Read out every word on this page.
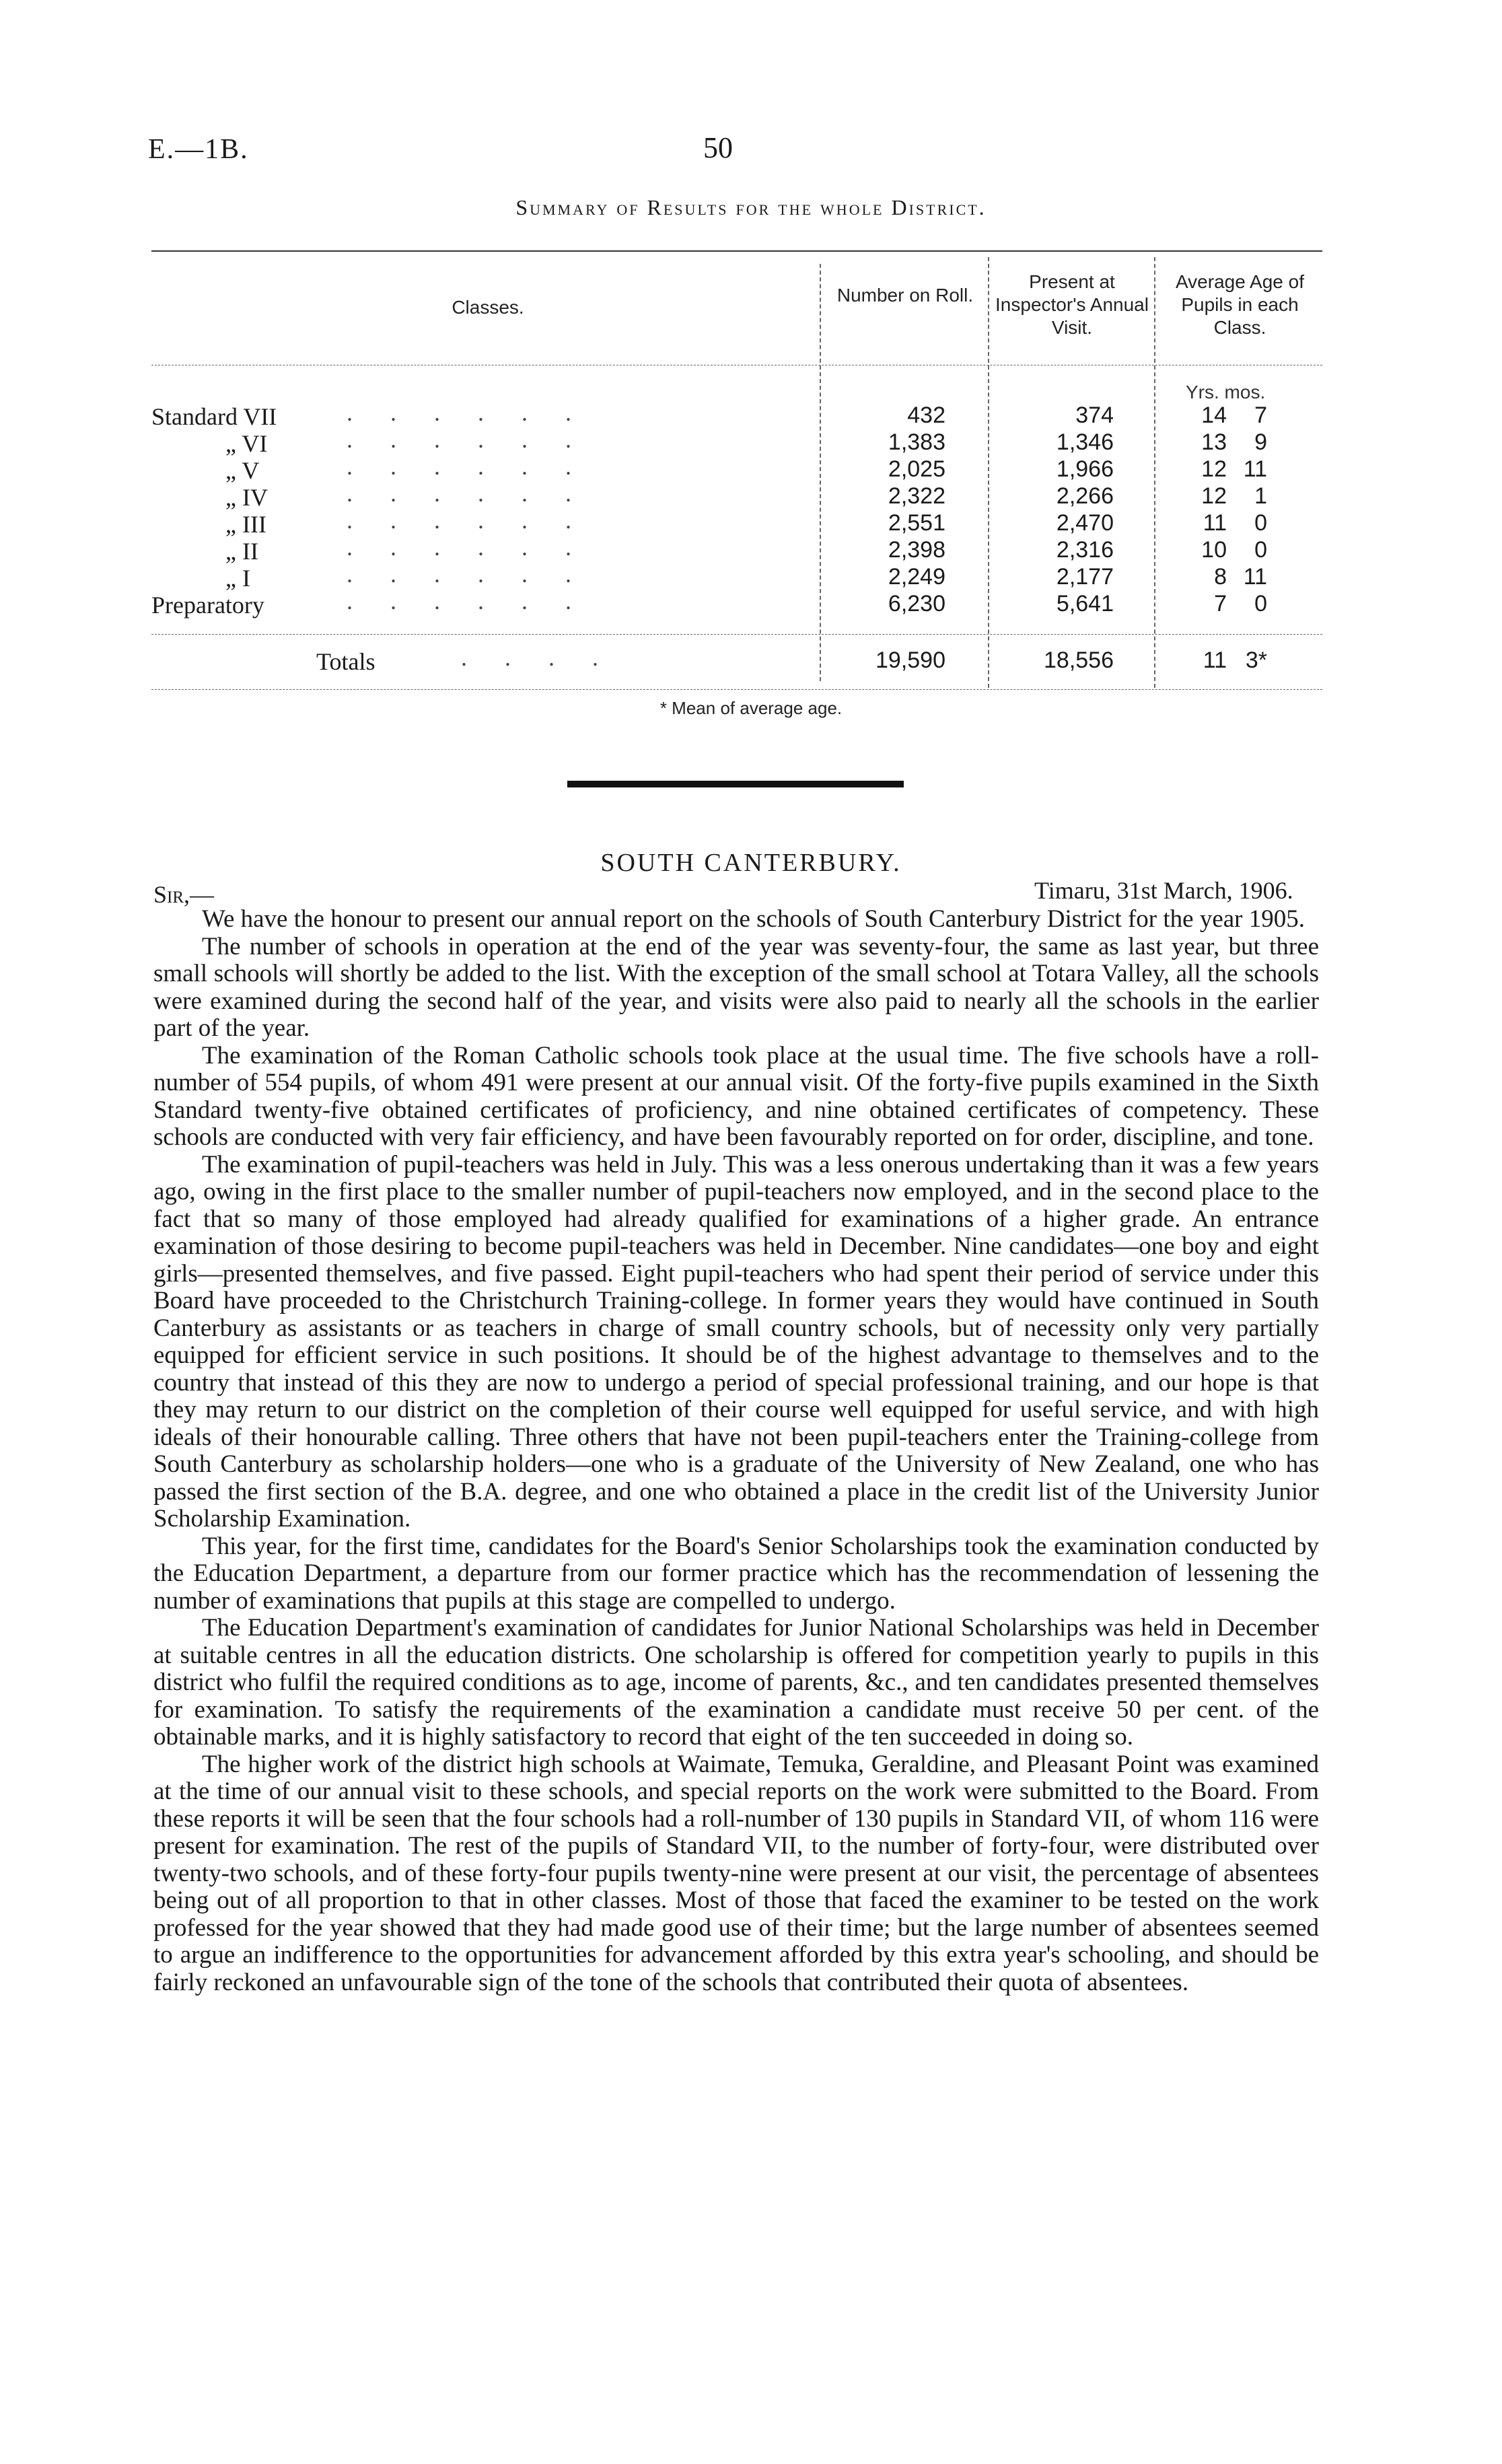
E.—1B.	50
Summary of Results for the whole District.
Classes.
Number on Roll.
Present at Inspector's Annual Visit.
Average Age of Pupils in each Class.
Yrs. mos.
Standard VII	......	432	374	14	7
„ VI	......	1,383	1,346	13	9
„ V	......	2,025	1,966	12 11
„ IV	......	2,322	2,266	12	1
„ III	......	2,551	2,470	11	0
„ II	......	2,398	2,316	10	0
„ I	......	2,249	2,177	8 11
Preparatory	......	6,230	5,641	7	0
Totals	....	19,590	18,556	11 3*
* Mean of average age.
SOUTH CANTERBURY.
Sir,—	Timaru, 31st March, 1906.

We have the honour to present our annual report on the schools of South Canterbury District for the year 1905.

The number of schools in operation at the end of the year was seventy-four, the same as last year, but three small schools will shortly be added to the list. With the exception of the small school at Totara Valley, all the schools were examined during the second half of the year, and visits were also paid to nearly all the schools in the earlier part of the year.

The examination of the Roman Catholic schools took place at the usual time. The five schools have a roll-number of 554 pupils, of whom 491 were present at our annual visit. Of the forty-five pupils examined in the Sixth Standard twenty-five obtained certificates of proficiency, and nine obtained certificates of competency. These schools are conducted with very fair efficiency, and have been favourably reported on for order, discipline, and tone.

The examination of pupil-teachers was held in July. This was a less onerous undertaking than it was a few years ago, owing in the first place to the smaller number of pupil-teachers now employed, and in the second place to the fact that so many of those employed had already qualified for examinations of a higher grade. An entrance examination of those desiring to become pupil-teachers was held in December. Nine candidates—one boy and eight girls—presented themselves, and five passed. Eight pupil-teachers who had spent their period of service under this Board have proceeded to the Christchurch Training-college. In former years they would have continued in South Canterbury as assistants or as teachers in charge of small country schools, but of necessity only very partially equipped for efficient service in such positions. It should be of the highest advantage to themselves and to the country that instead of this they are now to undergo a period of special professional training, and our hope is that they may return to our district on the completion of their course well equipped for useful service, and with high ideals of their honourable calling. Three others that have not been pupil-teachers enter the Training-college from South Canterbury as scholarship holders—one who is a graduate of the University of New Zealand, one who has passed the first section of the B.A. degree, and one who obtained a place in the credit list of the University Junior Scholarship Examination.

This year, for the first time, candidates for the Board's Senior Scholarships took the examination conducted by the Education Department, a departure from our former practice which has the recommendation of lessening the number of examinations that pupils at this stage are compelled to undergo.

The Education Department's examination of candidates for Junior National Scholarships was held in December at suitable centres in all the education districts. One scholarship is offered for competition yearly to pupils in this district who fulfil the required conditions as to age, income of parents, &c., and ten candidates presented themselves for examination. To satisfy the requirements of the examination a candidate must receive 50 per cent. of the obtainable marks, and it is highly satisfactory to record that eight of the ten succeeded in doing so.

The higher work of the district high schools at Waimate, Temuka, Geraldine, and Pleasant Point was examined at the time of our annual visit to these schools, and special reports on the work were submitted to the Board. From these reports it will be seen that the four schools had a roll-number of 130 pupils in Standard VII, of whom 116 were present for examination. The rest of the pupils of Standard VII, to the number of forty-four, were distributed over twenty-two schools, and of these forty-four pupils twenty-nine were present at our visit, the percentage of absentees being out of all proportion to that in other classes. Most of those that faced the examiner to be tested on the work professed for the year showed that they had made good use of their time; but the large number of absentees seemed to argue an indifference to the opportunities for advancement afforded by this extra year's schooling, and should be fairly reckoned an unfavourable sign of the tone of the schools that contributed their quota of absentees.
